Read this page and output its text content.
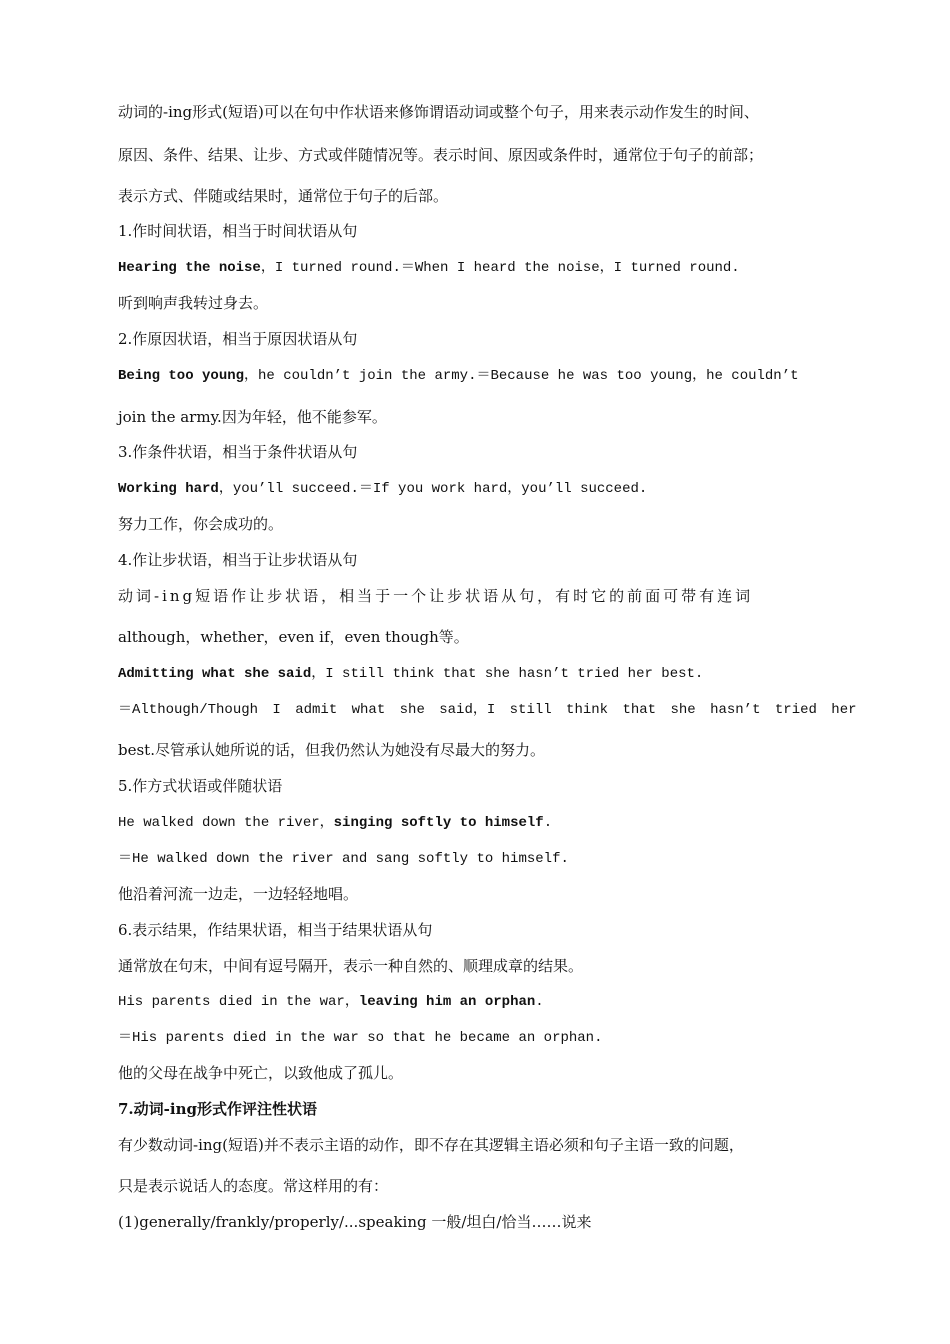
动词的-ing形式(短语)可以在句中作状语来修饰谓语动词或整个句子，用来表示动作发生的时间、
原因、条件、结果、让步、方式或伴随情况等。表示时间、原因或条件时，通常位于句子的前部；
表示方式、伴随或结果时，通常位于句子的后部。
1.作时间状语，相当于时间状语从句
Hearing the noise，I turned round.＝When I heard the noise，I turned round.
听到响声我转过身去。
2.作原因状语，相当于原因状语从句
Being too young，he couldn’t join the army.＝Because he was too young，he couldn’t
join the army.因为年轻，他不能参军。
3.作条件状语，相当于条件状语从句
Working hard，you’ll succeed.＝If you work hard，you’ll succeed.
努力工作，你会成功的。
4.作让步状语，相当于让步状语从句
动词-ing短语作让步状语，相当于一个让步状语从句，有时它的前面可带有连词
although，whether，even if，even though等。
Admitting what she said，I still think that she hasn’t tried her best.
＝Although/Though I admit what she said，I still think that she hasn’t tried her
best.尽管承认她所说的话，但我仍然认为她没有尽最大的努力。
5.作方式状语或伴随状语
He walked down the river，singing softly to himself.
＝He walked down the river and sang softly to himself.
他沿着河流一边走，一边轻轻地唱。
6.表示结果，作结果状语，相当于结果状语从句
通常放在句末，中间有逗号隔开，表示一种自然的、顺理成章的结果。
His parents died in the war，leaving him an orphan.
＝His parents died in the war so that he became an orphan.
他的父母在战争中死亡，以致他成了孤儿。
7.动词-ing形式作评注性状语
有少数动词-ing(短语)并不表示主语的动作，即不存在其逻辑主语必须和句子主语一致的问题，
只是表示说话人的态度。常这样用的有：
(1)generally/frankly/properly/...speaking 一般/坦白/恰当……说来
